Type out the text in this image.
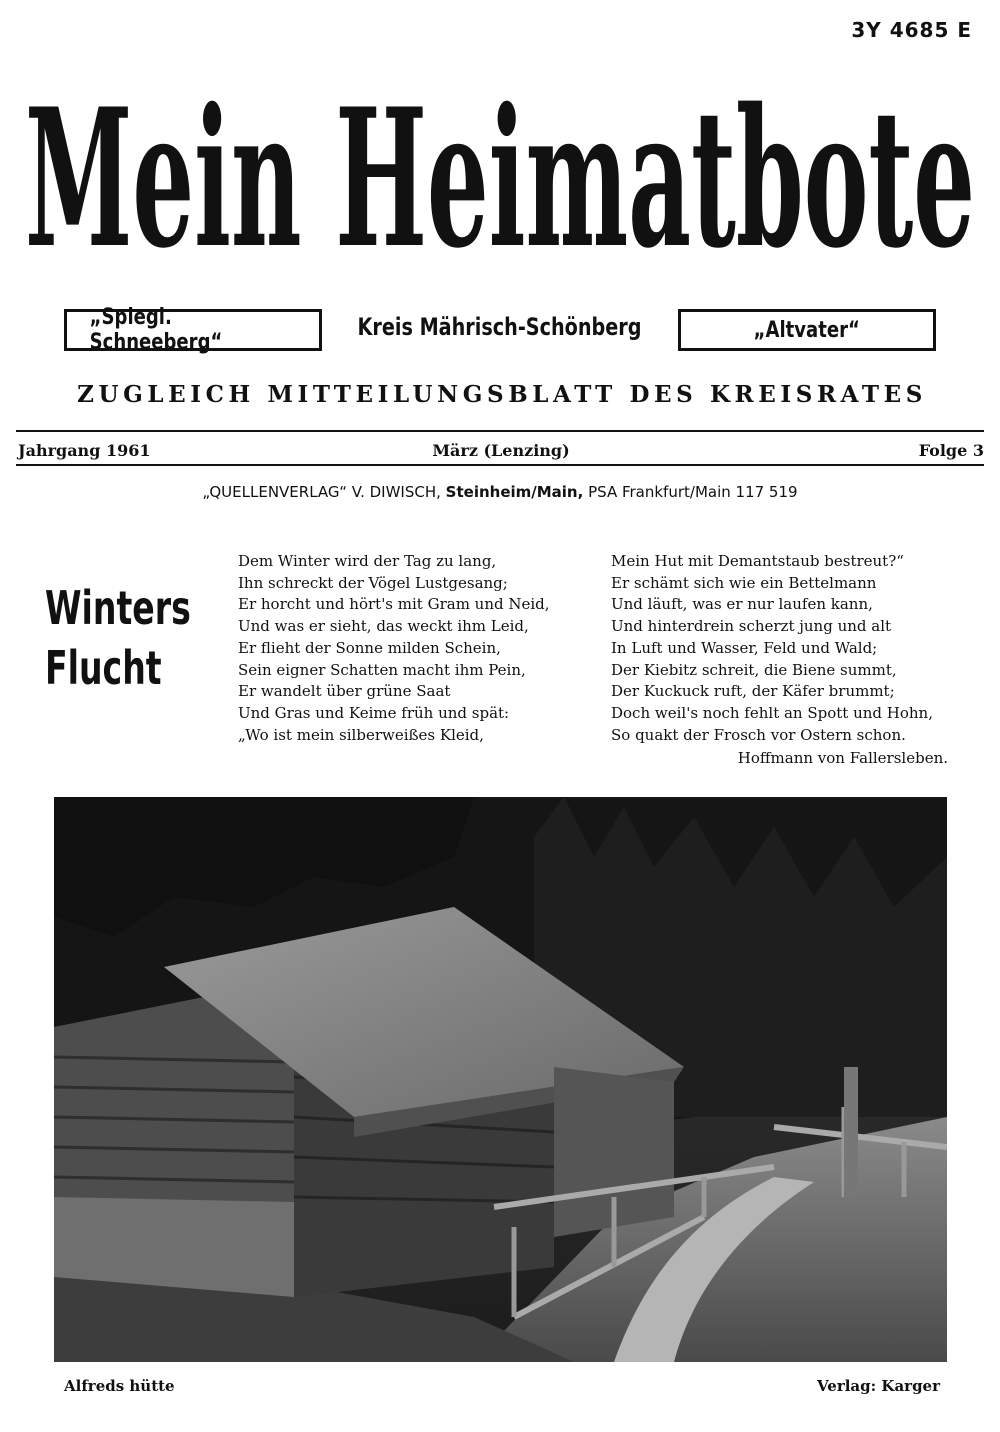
3Y 4685 E
Mein Heimatbote
„Spiegl. Schneeberg“
Kreis Mährisch-Schönberg	„Altvater“
ZUGLEICH MITTEILUNGSBLATT DES KREISRATES
Jahrgang 1961	März (Lenzing)	Folge 3
„QUELLENVERLAG“ V. DIWISCH, Steinheim/Main, PSA Frankfurt/Main 117 519
Winters
Flucht
Dem Winter wird der Tag zu lang,
Ihn schreckt der Vögel Lustgesang;
Er horcht und hört's mit Gram und Neid,
Und was er sieht, das weckt ihm Leid,
Er flieht der Sonne milden Schein,
Sein eigner Schatten macht ihm Pein,
Er wandelt über grüne Saat
Und Gras und Keime früh und spät:
„Wo ist mein silberweißes Kleid,
Mein Hut mit Demantstaub bestreut?“
Er schämt sich wie ein Bettelmann
Und läuft, was er nur laufen kann,
Und hinterdrein scherzt jung und alt
In Luft und Wasser, Feld und Wald;
Der Kiebitz schreit, die Biene summt,
Der Kuckuck ruft, der Käfer brummt;
Doch weil's noch fehlt an Spott und Hohn,
So quakt der Frosch vor Ostern schon.
Hoffmann von Fallersleben.
Alfreds hütte	Verlag: Karger
